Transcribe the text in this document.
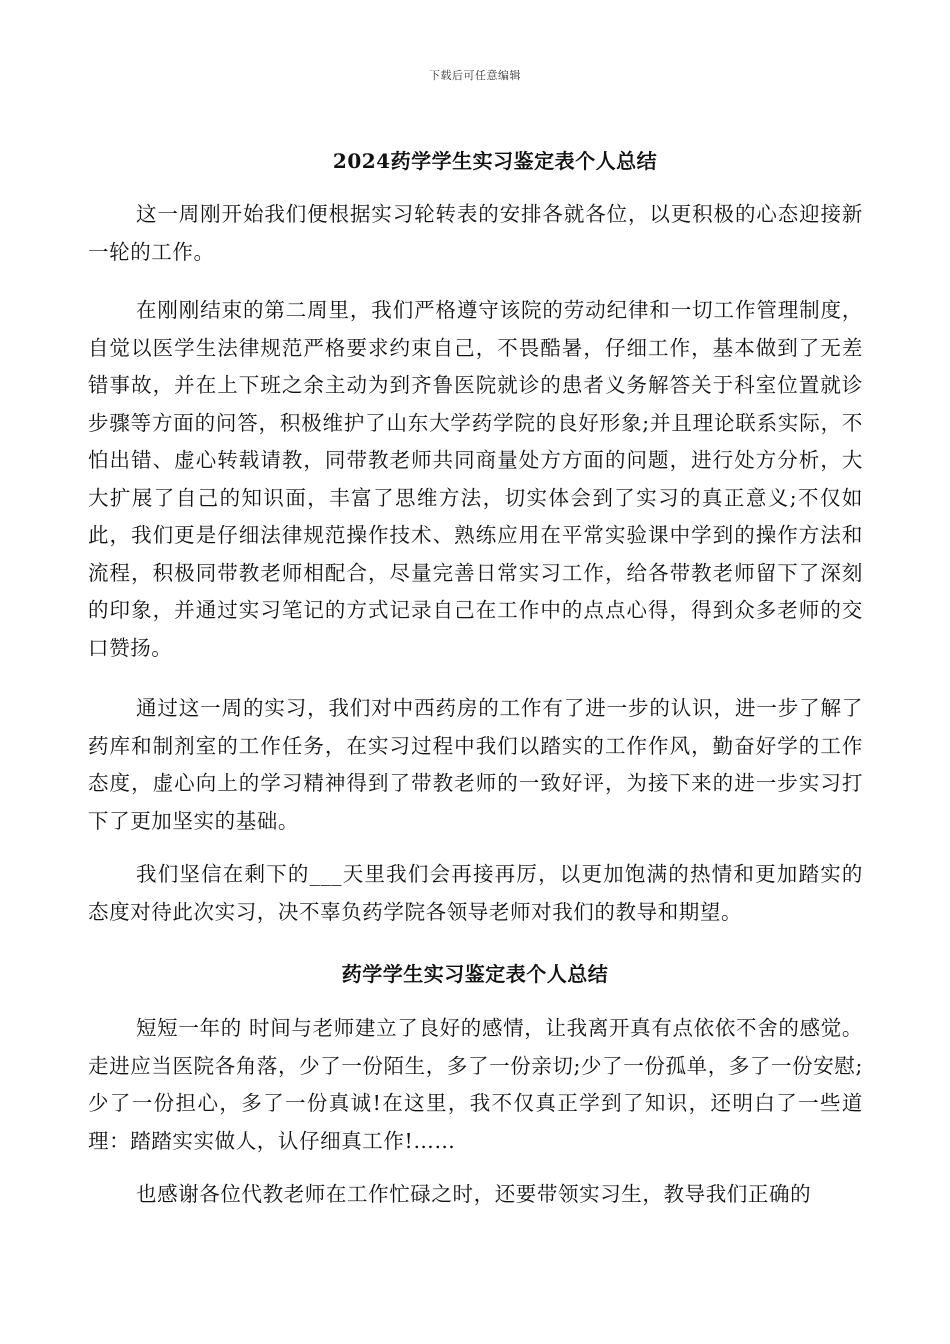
下载后可任意编辑
2024药学学生实习鉴定表个人总结

这一周刚开始我们便根据实习轮转表的安排各就各位，以更积极的心态迎接新一轮的工作。

在刚刚结束的第二周里，我们严格遵守该院的劳动纪律和一切工作管理制度，自觉以医学生法律规范严格要求约束自己，不畏酷暑，仔细工作，基本做到了无差错事故，并在上下班之余主动为到齐鲁医院就诊的患者义务解答关于科室位置就诊步骤等方面的问答，积极维护了山东大学药学院的良好形象;并且理论联系实际，不怕出错、虚心转载请教，同带教老师共同商量处方方面的问题，进行处方分析，大大扩展了自己的知识面，丰富了思维方法，切实体会到了实习的真正意义;不仅如此，我们更是仔细法律规范操作技术、熟练应用在平常实验课中学到的操作方法和流程，积极同带教老师相配合，尽量完善日常实习工作，给各带教老师留下了深刻的印象，并通过实习笔记的方式记录自己在工作中的点点心得，得到众多老师的交口赞扬。

通过这一周的实习，我们对中西药房的工作有了进一步的认识，进一步了解了药库和制剂室的工作任务，在实习过程中我们以踏实的工作作风，勤奋好学的工作态度，虚心向上的学习精神得到了带教老师的一致好评，为接下来的进一步实习打下了更加坚实的基础。

我们坚信在剩下的___天里我们会再接再厉，以更加饱满的热情和更加踏实的态度对待此次实习，决不辜负药学院各领导老师对我们的教导和期望。

药学学生实习鉴定表个人总结

短短一年的 时间与老师建立了良好的感情，让我离开真有点依依不舍的感觉。走进应当医院各角落，少了一份陌生，多了一份亲切;少了一份孤单，多了一份安慰;少了一份担心，多了一份真诚!在这里，我不仅真正学到了知识，还明白了一些道理：踏踏实实做人，认仔细真工作!……

也感谢各位代教老师在工作忙碌之时，还要带领实习生，教导我们正确的
